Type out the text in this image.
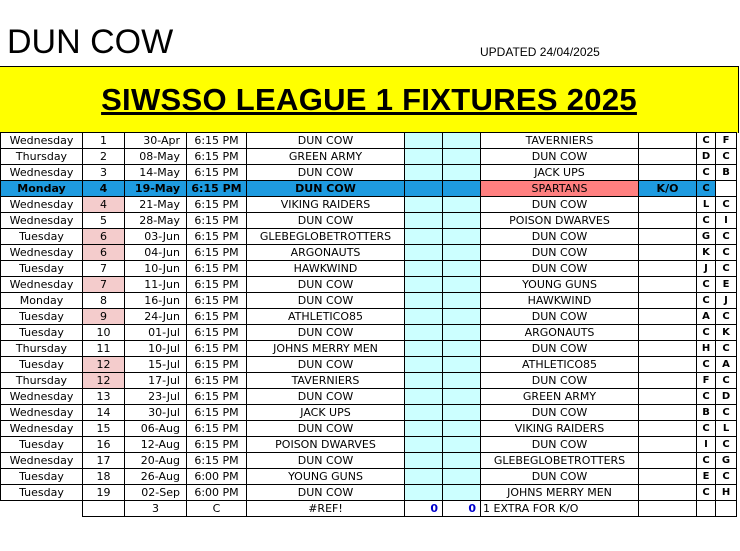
DUN COW	UPDATED 24/04/2025
SIWSSO LEAGUE 1 FIXTURES 2025
Wednesday	1	30-Apr	6:15 PM	DUN COW			TAVERNIERS		C	F
Thursday	2	08-May	6:15 PM	GREEN ARMY			DUN COW		D	C
Wednesday	3	14-May	6:15 PM	DUN COW			JACK UPS		C	B
Monday	4	19-May	6:15 PM	DUN COW			SPARTANS	K/O	C	
Wednesday	4	21-May	6:15 PM	VIKING RAIDERS			DUN COW		L	C
Wednesday	5	28-May	6:15 PM	DUN COW			POISON DWARVES		C	I
Tuesday	6	03-Jun	6:15 PM	GLEBEGLOBETROTTERS			DUN COW		G	C
Wednesday	6	04-Jun	6:15 PM	ARGONAUTS			DUN COW		K	C
Tuesday	7	10-Jun	6:15 PM	HAWKWIND			DUN COW		J	C
Wednesday	7	11-Jun	6:15 PM	DUN COW			YOUNG GUNS		C	E
Monday	8	16-Jun	6:15 PM	DUN COW			HAWKWIND		C	J
Tuesday	9	24-Jun	6:15 PM	ATHLETICO85			DUN COW		A	C
Tuesday	10	01-Jul	6:15 PM	DUN COW			ARGONAUTS		C	K
Thursday	11	10-Jul	6:15 PM	JOHNS MERRY MEN			DUN COW		H	C
Tuesday	12	15-Jul	6:15 PM	DUN COW			ATHLETICO85		C	A
Thursday	12	17-Jul	6:15 PM	TAVERNIERS			DUN COW		F	C
Wednesday	13	23-Jul	6:15 PM	DUN COW			GREEN ARMY		C	D
Wednesday	14	30-Jul	6:15 PM	JACK UPS			DUN COW		B	C
Wednesday	15	06-Aug	6:15 PM	DUN COW			VIKING RAIDERS		C	L
Tuesday	16	12-Aug	6:15 PM	POISON DWARVES			DUN COW		I	C
Wednesday	17	20-Aug	6:15 PM	DUN COW			GLEBEGLOBETROTTERS		C	G
Tuesday	18	26-Aug	6:00 PM	YOUNG GUNS			DUN COW		E	C
Tuesday	19	02-Sep	6:00 PM	DUN COW			JOHNS MERRY MEN		C	H
		3	C	#REF!	0	0	1 EXTRA FOR K/O			
